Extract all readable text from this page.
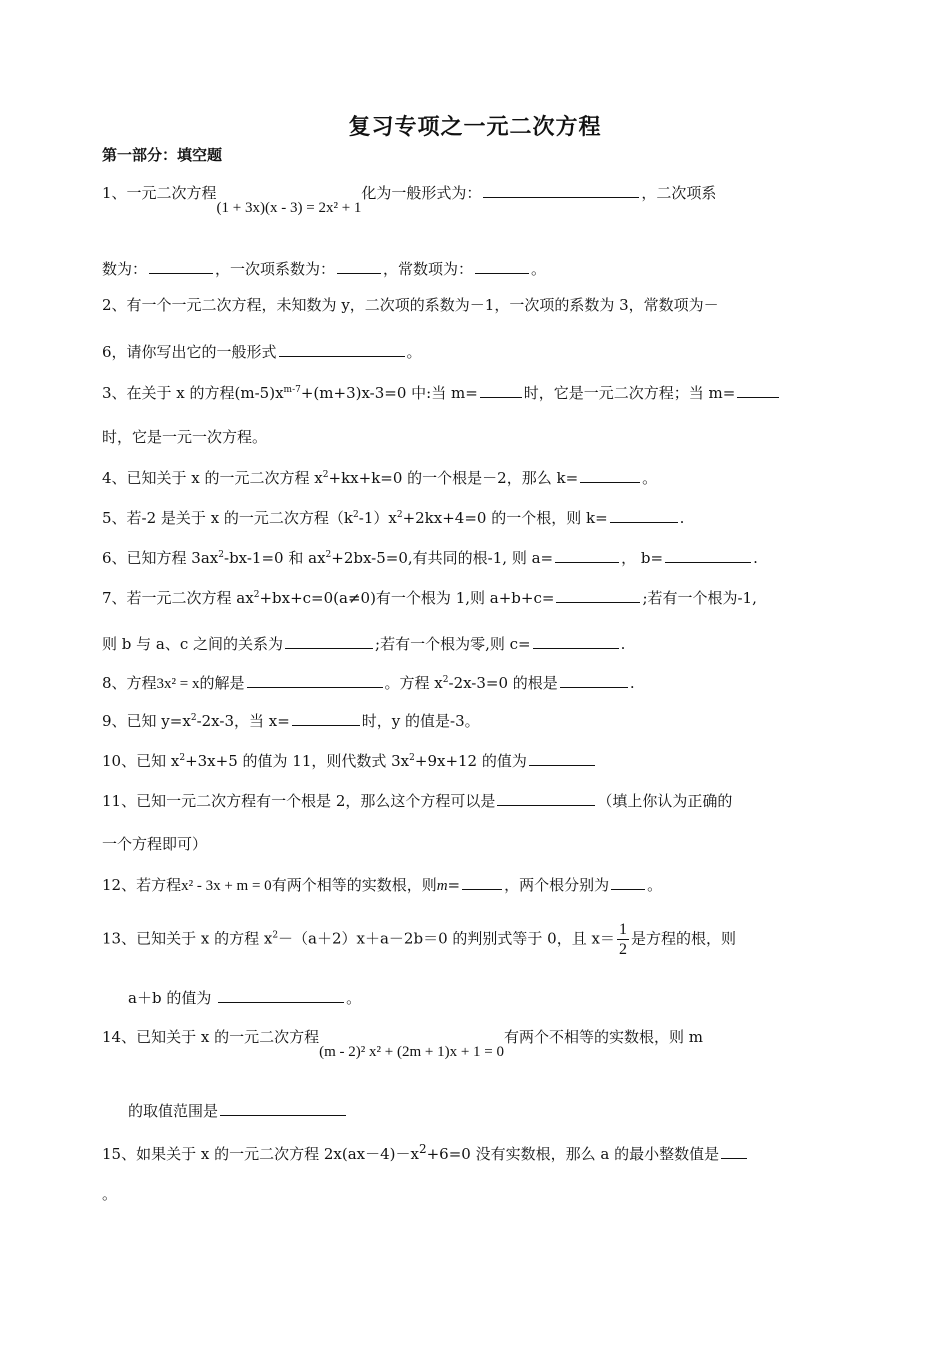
复习专项之一元二次方程
第一部分：填空题
1、一元二次方程(1 + 3x)(x - 3) = 2x² + 1化为一般形式为：	，二次项系
数为：	，一次项系数为：	，常数项为：	。
2、有一个一元二次方程，未知数为 y，二次项的系数为－1，一次项的系数为 3，常数项为－
6，请你写出它的一般形式	。
3、在关于 x 的方程$(m-5)x^{m-7}+(m+3)x-3=0$ 中:当 m=	时，它是一元二次方程；当 m=
时，它是一元一次方程。
4、已知关于 x 的一元二次方程 $x^2+kx+k=0$ 的一个根是－2，那么 k=	。
5、若-2 是关于 x 的一元二次方程$(k^2-1)x^2+2kx+4=0$ 的一个根，则 k=	.
6、已知方程 $3ax^2-bx-1=0$ 和 $ax^2+2bx-5=0$,有共同的根-1, 则 a=	， b=	.
7、若一元二次方程 $ax^2+bx+c=0(a\ne 0)$有一个根为 1,则 a+b+c=	;若有一个根为-1,
则 b 与 a、c 之间的关系为	;若有一个根为零,则 c=	.
8、方程3x² = x的解是	。方程 $x^2-2x-3=0$ 的根是	.
9、已知 $y=x^2-2x-3$，当 x=	时，y 的值是-3。
10、已知 $x^2+3x+5$ 的值为 11，则代数式 $3x^2+9x+12$ 的值为
11、已知一元二次方程有一个根是 2，那么这个方程可以是	（填上你认为正确的
一个方程即可）
12、若方程x² - 3x + m = 0有两个相等的实数根，则m=	，两个根分别为	。
13、已知关于 x 的方程 $x^2-(a+2)x+a-2b=0$ 的判别式等于 0，且 $x= \frac{1}{2}$ 是方程的根，则
a＋b 的值为	。
14、已知关于 x 的一元二次方程(m - 2)² x² + (2m + 1)x + 1 = 0有两个不相等的实数根，则 m
的取值范围是
15、如果关于 x 的一元二次方程 $2x(ax-4)-x^2+6=0$ 没有实数根，那么 a 的最小整数值是
。
